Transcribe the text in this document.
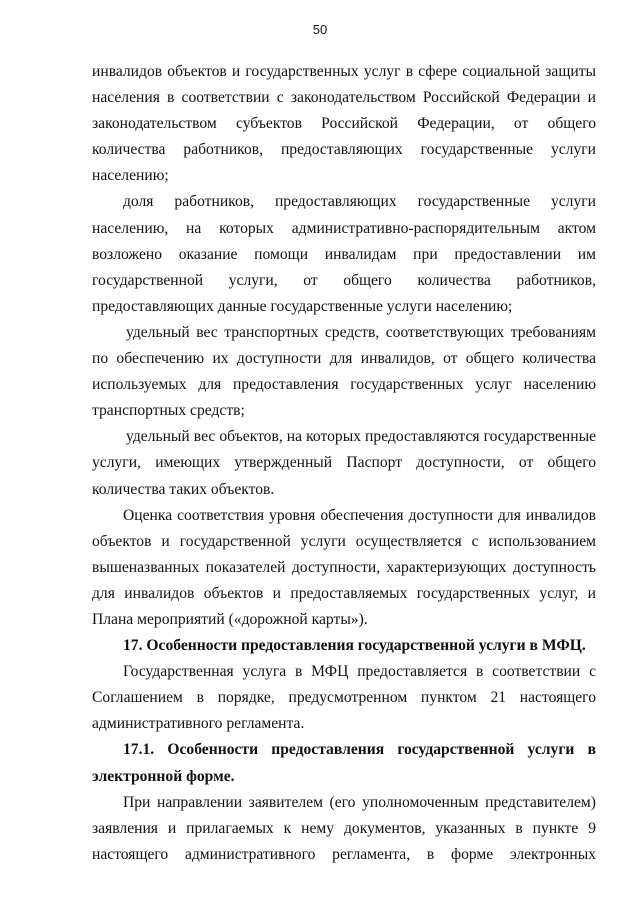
50

инвалидов объектов и государственных услуг в сфере социальной защиты населения в соответствии с законодательством Российской Федерации и законодательством субъектов Российской Федерации, от общего количества работников, предоставляющих государственные услуги населению;

доля работников, предоставляющих государственные услуги населению, на которых административно-распорядительным актом возложено оказание помощи инвалидам при предоставлении им государственной услуги, от общего количества работников, предоставляющих данные государственные услуги населению;

удельный вес транспортных средств, соответствующих требованиям по обеспечению их доступности для инвалидов, от общего количества используемых для предоставления государственных услуг населению транспортных средств;

удельный вес объектов, на которых предоставляются государственные услуги, имеющих утвержденный Паспорт доступности, от общего количества таких объектов.

Оценка соответствия уровня обеспечения доступности для инвалидов объектов и государственной услуги осуществляется с использованием вышеназванных показателей доступности, характеризующих доступность для инвалидов объектов и предоставляемых государственных услуг, и Плана мероприятий («дорожной карты»).

17. Особенности предоставления государственной услуги в МФЦ.

Государственная услуга в МФЦ предоставляется в соответствии с Соглашением в порядке, предусмотренном пунктом 21 настоящего административного регламента.

17.1. Особенности предоставления государственной услуги в электронной форме.

При направлении заявителем (его уполномоченным представителем) заявления и прилагаемых к нему документов, указанных в пункте 9 настоящего административного регламента, в форме электронных
